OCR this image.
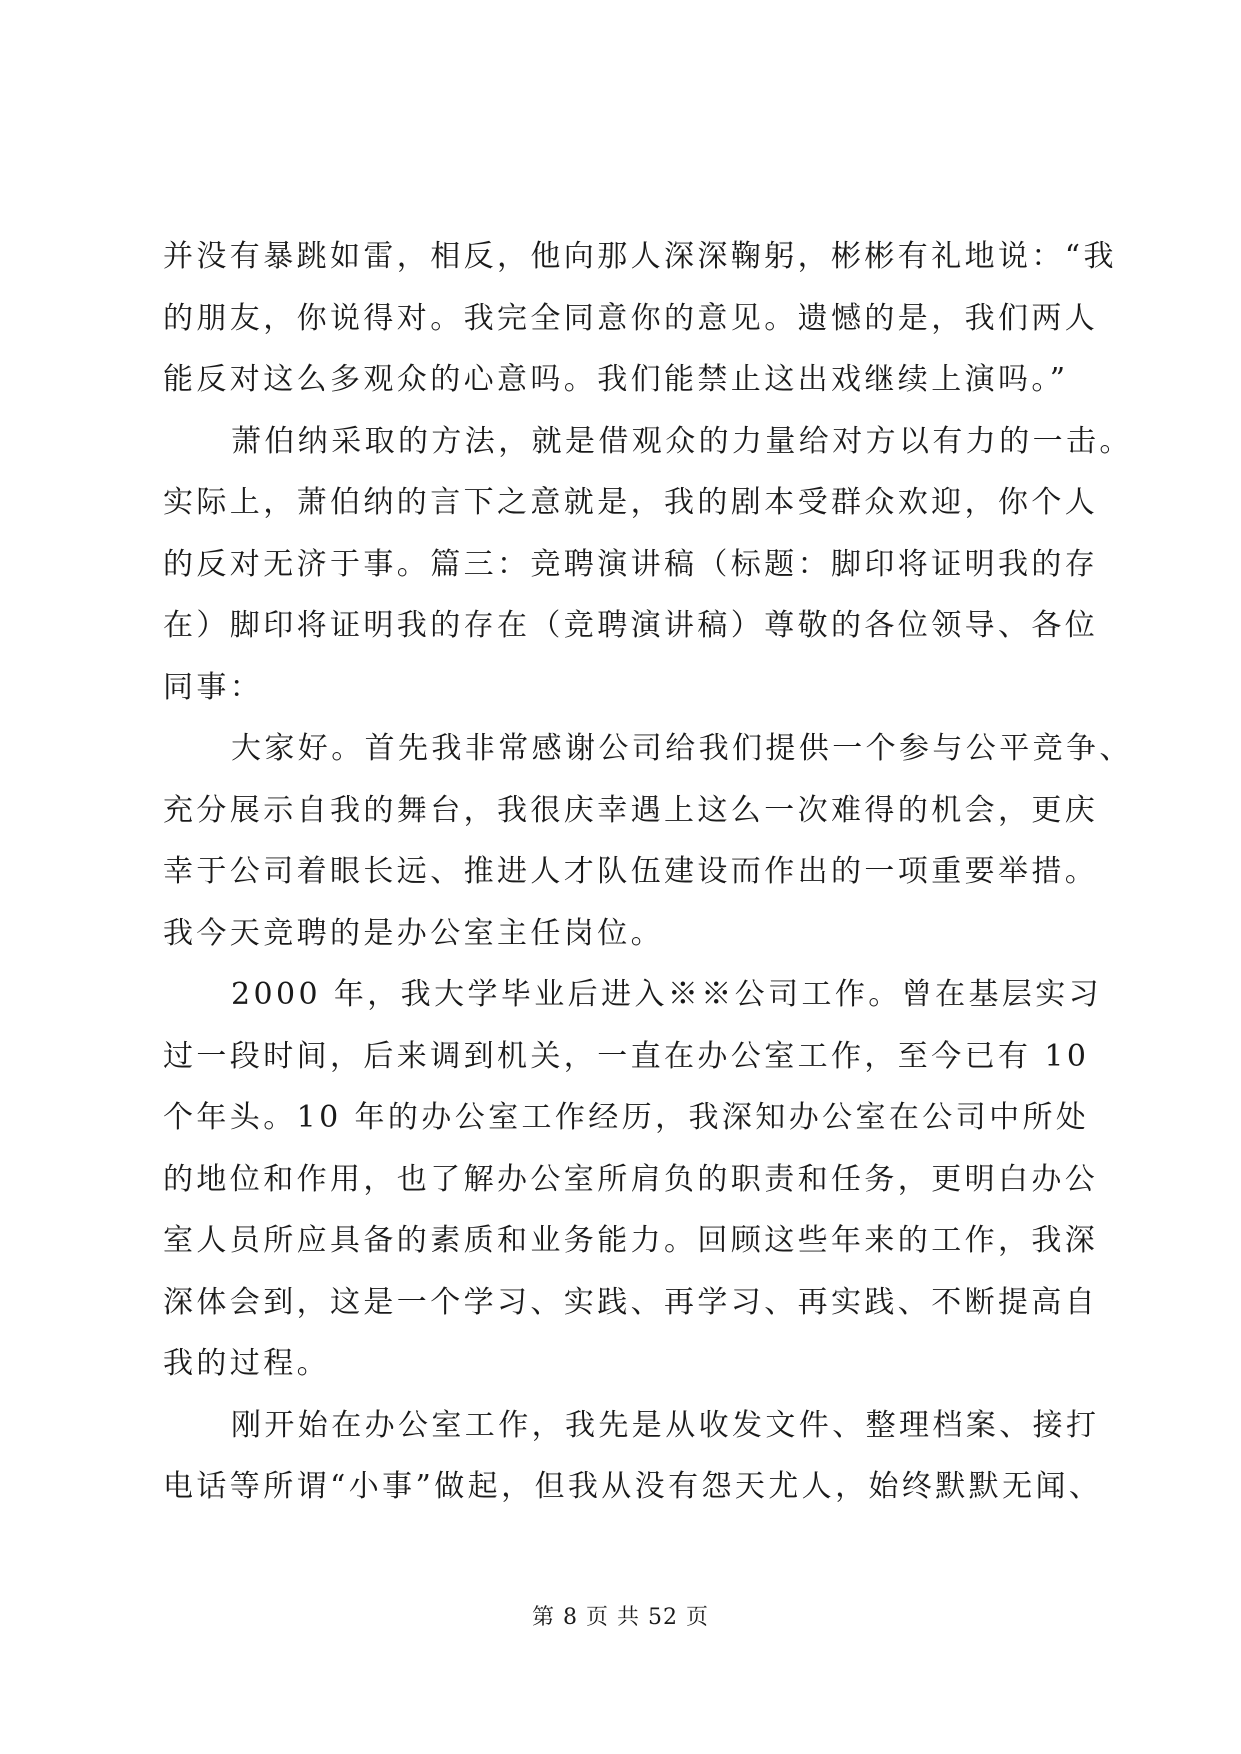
并没有暴跳如雷，相反，他向那人深深鞠躬，彬彬有礼地说：“我
的朋友，你说得对。我完全同意你的意见。遗憾的是，我们两人
能反对这么多观众的心意吗。我们能禁止这出戏继续上演吗。”
萧伯纳采取的方法，就是借观众的力量给对方以有力的一击。
实际上，萧伯纳的言下之意就是，我的剧本受群众欢迎，你个人
的反对无济于事。篇三：竞聘演讲稿（标题：脚印将证明我的存
在）脚印将证明我的存在（竞聘演讲稿）尊敬的各位领导、各位
同事：
大家好。首先我非常感谢公司给我们提供一个参与公平竞争、
充分展示自我的舞台，我很庆幸遇上这么一次难得的机会，更庆
幸于公司着眼长远、推进人才队伍建设而作出的一项重要举措。
我今天竞聘的是办公室主任岗位。
2000 年，我大学毕业后进入※※公司工作。曾在基层实习
过一段时间，后来调到机关，一直在办公室工作，至今已有 10
个年头。10 年的办公室工作经历，我深知办公室在公司中所处
的地位和作用，也了解办公室所肩负的职责和任务，更明白办公
室人员所应具备的素质和业务能力。回顾这些年来的工作，我深
深体会到，这是一个学习、实践、再学习、再实践、不断提高自
我的过程。
刚开始在办公室工作，我先是从收发文件、整理档案、接打
电话等所谓“小事”做起，但我从没有怨天尤人，始终默默无闻、
第 8 页 共 52 页
